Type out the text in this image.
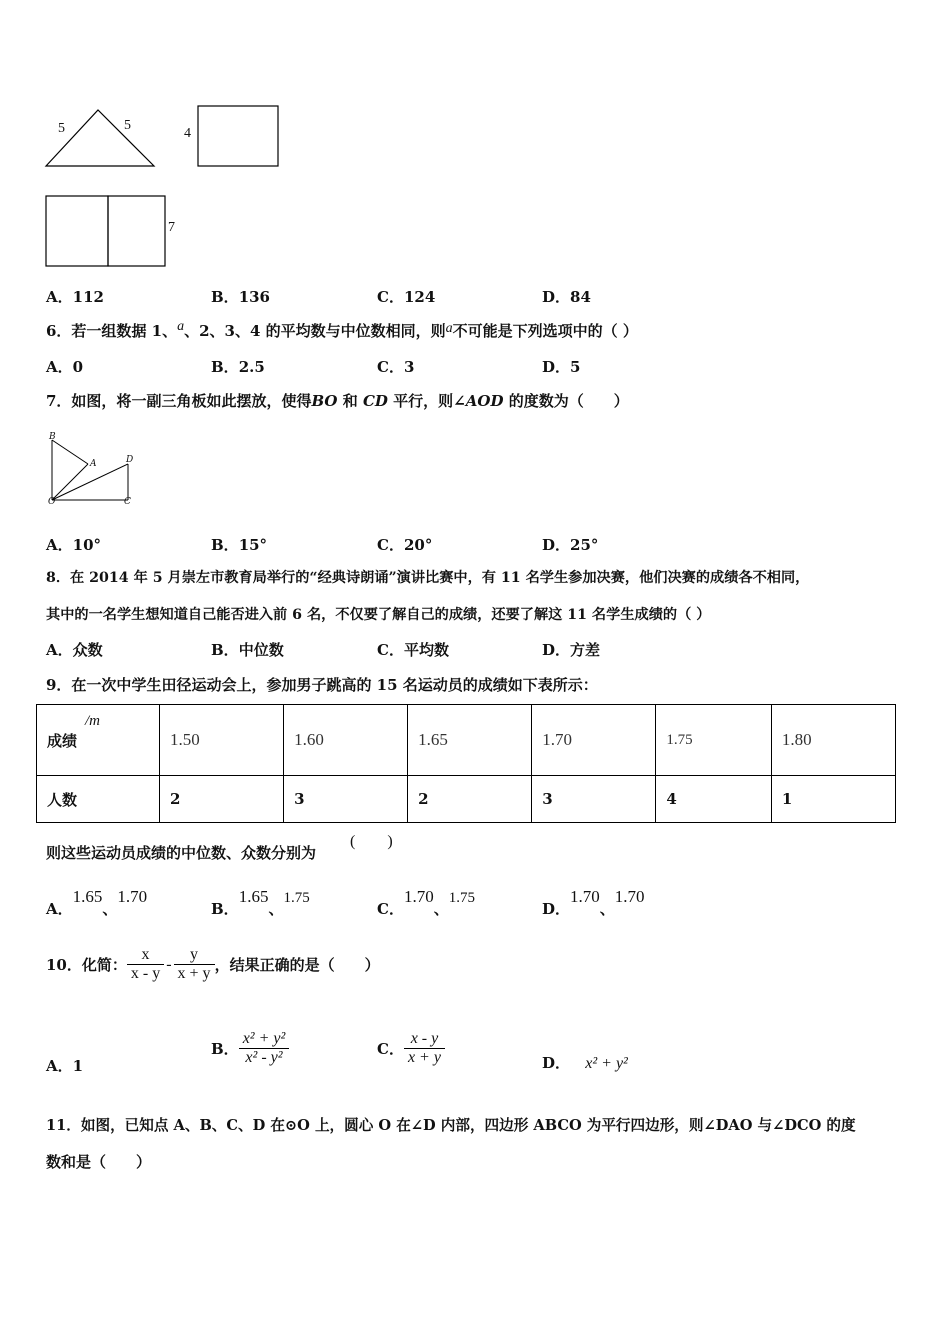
5	5
4
7
A．112	B．136	C．124	D．84
6．若一组数据 1、a、2、3、4 的平均数与中位数相同，则a不可能是下列选项中的（ ）
A．0	B．2.5	C．3	D．5
7．如图，将一副三角板如此摆放，使得BO 和 CD 平行，则∠AOD 的度数为（　　）
B
A	D
O	C
A．10°	B．15°	C．20°	D．25°
8．在 2014 年 5 月崇左市教育局举行的“经典诗朗诵”演讲比赛中，有 11 名学生参加决赛，他们决赛的成绩各不相同，
其中的一名学生想知道自己能否进入前 6 名，不仅要了解自己的成绩，还要了解这 11 名学生成绩的（ ）
A．众数	B．中位数	C．平均数	D．方差
9．在一次中学生田径运动会上，参加男子跳高的 15 名运动员的成绩如下表所示：
成绩
/m	1.50	1.60	1.65	1.70	1.75	1.80
人数	2	3	2	3	4	1
则这些运动员成绩的中位数、众数分别为
(　　)
A．1.65、1.70
B．1.65、1.75
C．1.70、1.75
D．1.70、1.70
10．化简： $\frac{x}{x - y} - \frac{y}{x + y}$ ，结果正确的是（　　）
A．1
B． $\frac{\text{x² + y²}}{\text{x² - y²}}$	C． $\frac{x - y}{x + y}$	D． x² + y²
11．如图，已知点 A、B、C、D 在⊙O 上，圆心 O 在∠D 内部，四边形 ABCO 为平行四边形，则∠DAO 与∠DCO 的度
数和是（　　）
